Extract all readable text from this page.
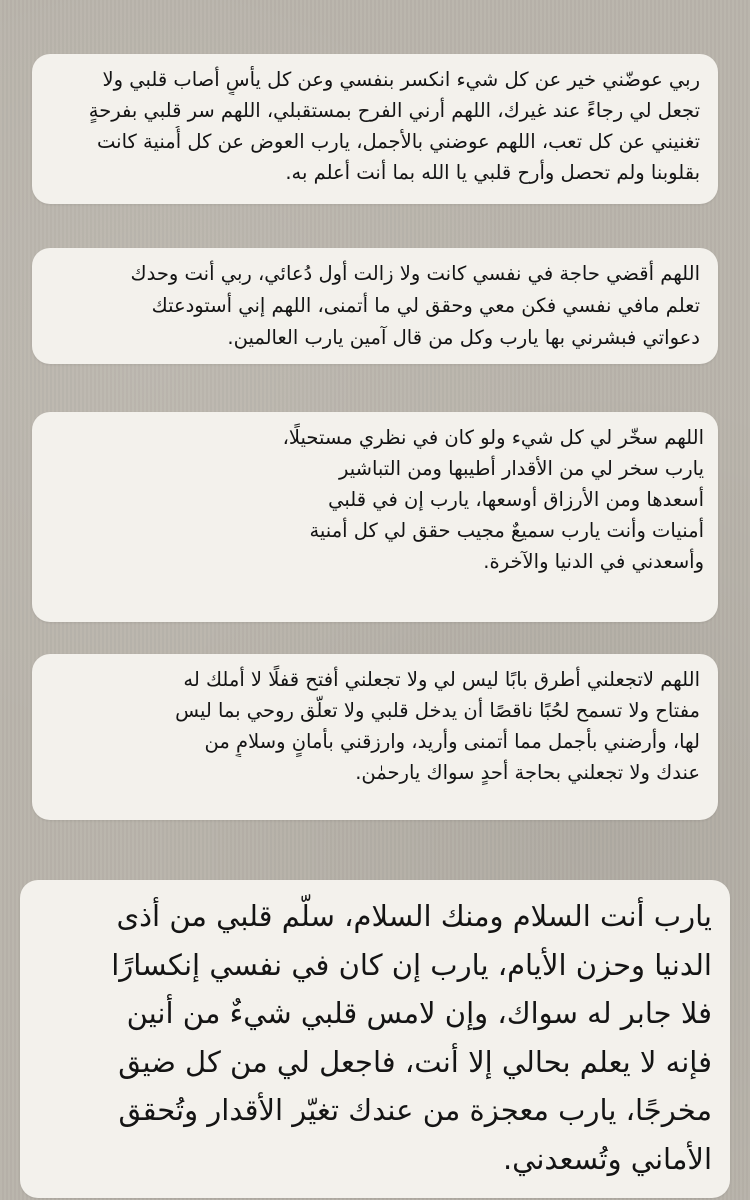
ربي عوضّني خير عن كل شيء انكسر بنفسي وعن كل يأسٍ أصاب قلبي ولا
تجعل لي رجاءً عند غيرك، اللهم أرني الفرح بمستقبلي، اللهم سر قلبي بفرحةٍ
تغنيني عن كل تعب، اللهم عوضني بالأجمل، يارب العوض عن كل أُمنية كانت
بقلوبنا ولم تحصل وأرح قلبي يا الله بما أنت أعلم به.
اللهم أقضي حاجة في نفسي كانت ولا زالت أول دُعائي، ربي أنت وحدك
تعلم مافي نفسي فكن معي وحقق لي ما أتمنى، اللهم إني أستودعتك
دعواتي فبشرني بها يارب وكل من قال آمين يارب العالمين.
اللهم سخّر لي كل شيء ولو كان في نظري مستحيلًا،
يارب سخر لي من الأقدار أطيبها ومن التباشير
أسعدها ومن الأرزاق أوسعها، يارب إن في قلبي
أمنيات وأنت يارب سميعٌ مجيب حقق لي كل أمنية
وأسعدني في الدنيا والآخرة.
اللهم لاتجعلني أطرق بابًا ليس لي ولا تجعلني أفتح قفلًا لا أملك له
مفتاح ولا تسمح لحُبًا ناقصًا أن يدخل قلبي ولا تعلّق روحي بما ليس
لها، وأرضني بأجمل مما أتمنى وأريد، وارزقني بأمانٍ وسلامٍ من
عندك ولا تجعلني بحاجة أحدٍ سواك يارحمٰن.
يارب أنت السلام ومنك السلام، سلّم قلبي من أذى
الدنيا وحزن الأيام، يارب إن كان في نفسي إنكسارًا
فلا جابر له سواك، وإن لامس قلبي شيءٌ من أنين
فإنه لا يعلم بحالي إلا أنت، فاجعل لي من كل ضيق
مخرجًا، يارب معجزة من عندك تغيّر الأقدار وتُحقق
الأماني وتُسعدني.
